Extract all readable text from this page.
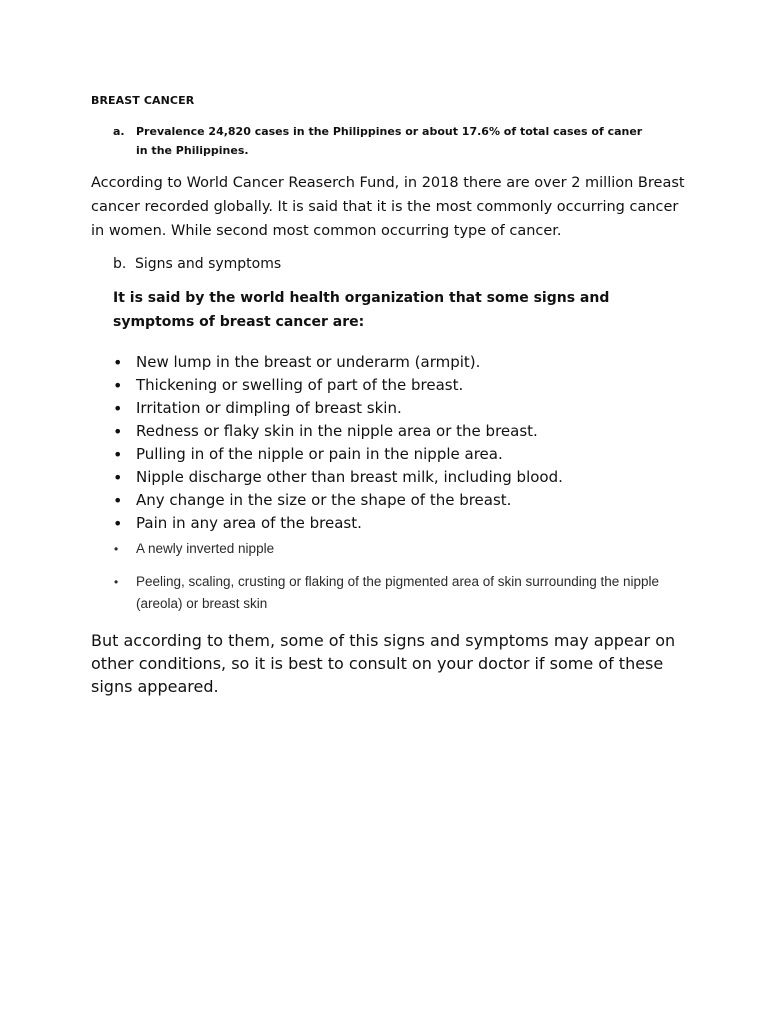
BREAST CANCER
a. Prevalence 24,820 cases in the Philippines or about 17.6% of total cases of caner in the Philippines.
According to World Cancer Reaserch Fund, in 2018 there are over 2 million Breast cancer recorded globally. It is said that it is the most commonly occurring cancer in women. While second most common occurring type of cancer.
b. Signs and symptoms
It is said by the world health organization that some signs and symptoms of breast cancer are:
• New lump in the breast or underarm (armpit).
• Thickening or swelling of part of the breast.
• Irritation or dimpling of breast skin.
• Redness or flaky skin in the nipple area or the breast.
• Pulling in of the nipple or pain in the nipple area.
• Nipple discharge other than breast milk, including blood.
• Any change in the size or the shape of the breast.
• Pain in any area of the breast.
• A newly inverted nipple
• Peeling, scaling, crusting or flaking of the pigmented area of skin surrounding the nipple (areola) or breast skin
But according to them, some of this signs and symptoms may appear on other conditions, so it is best to consult on your doctor if some of these signs appeared.
